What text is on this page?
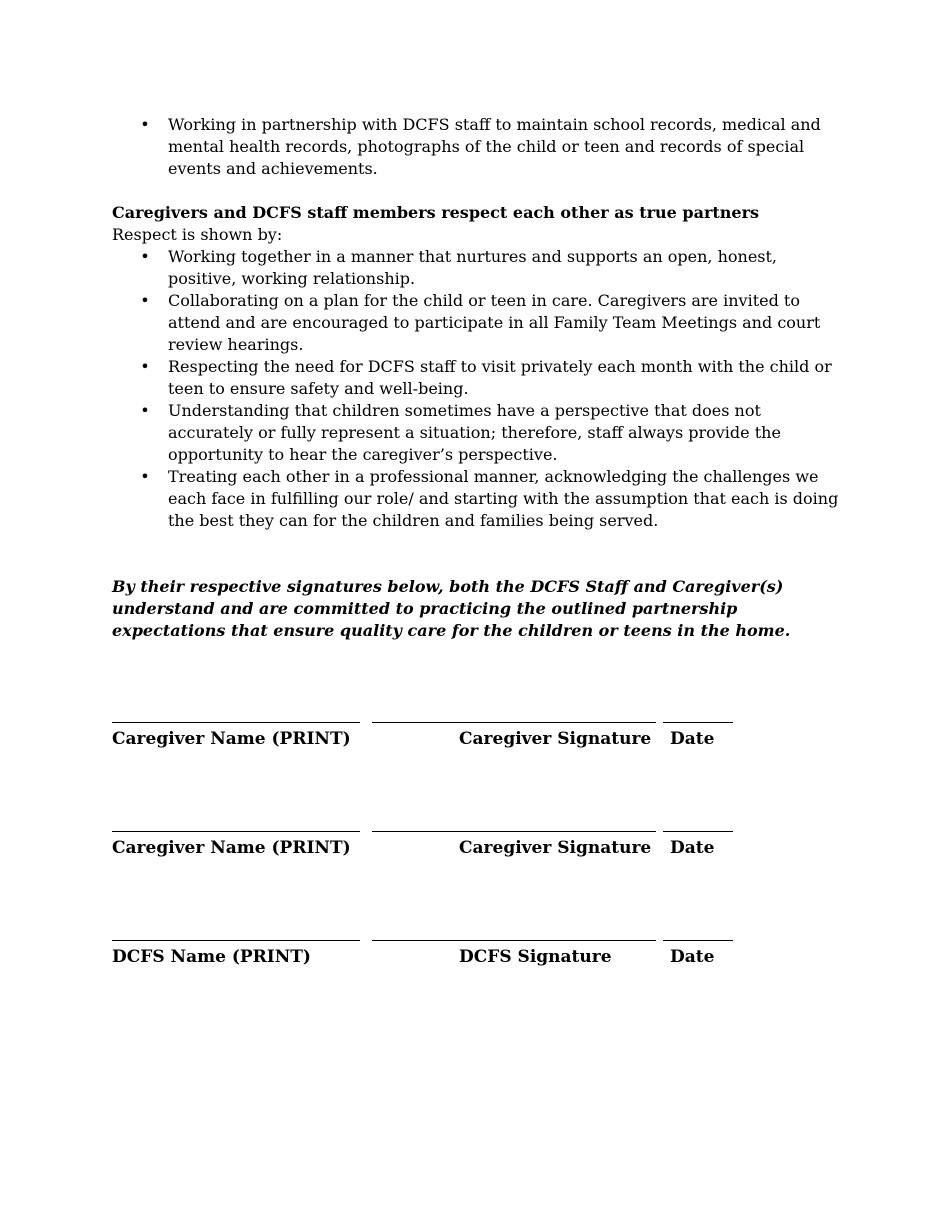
• Working in partnership with DCFS staff to maintain school records, medical and mental health records, photographs of the child or teen and records of special events and achievements.
Caregivers and DCFS staff members respect each other as true partners
Respect is shown by:
• Working together in a manner that nurtures and supports an open, honest, positive, working relationship.
• Collaborating on a plan for the child or teen in care. Caregivers are invited to attend and are encouraged to participate in all Family Team Meetings and court review hearings.
• Respecting the need for DCFS staff to visit privately each month with the child or teen to ensure safety and well-being.
• Understanding that children sometimes have a perspective that does not accurately or fully represent a situation; therefore, staff always provide the opportunity to hear the caregiver’s perspective.
• Treating each other in a professional manner, acknowledging the challenges we each face in fulfilling our role/ and starting with the assumption that each is doing the best they can for the children and families being served.
By their respective signatures below, both the DCFS Staff and Caregiver(s) understand and are committed to practicing the outlined partnership expectations that ensure quality care for the children or teens in the home.
Caregiver Name (PRINT)	Caregiver Signature Date
Caregiver Name (PRINT)	Caregiver Signature Date
DCFS Name (PRINT)	DCFS Signature	Date
